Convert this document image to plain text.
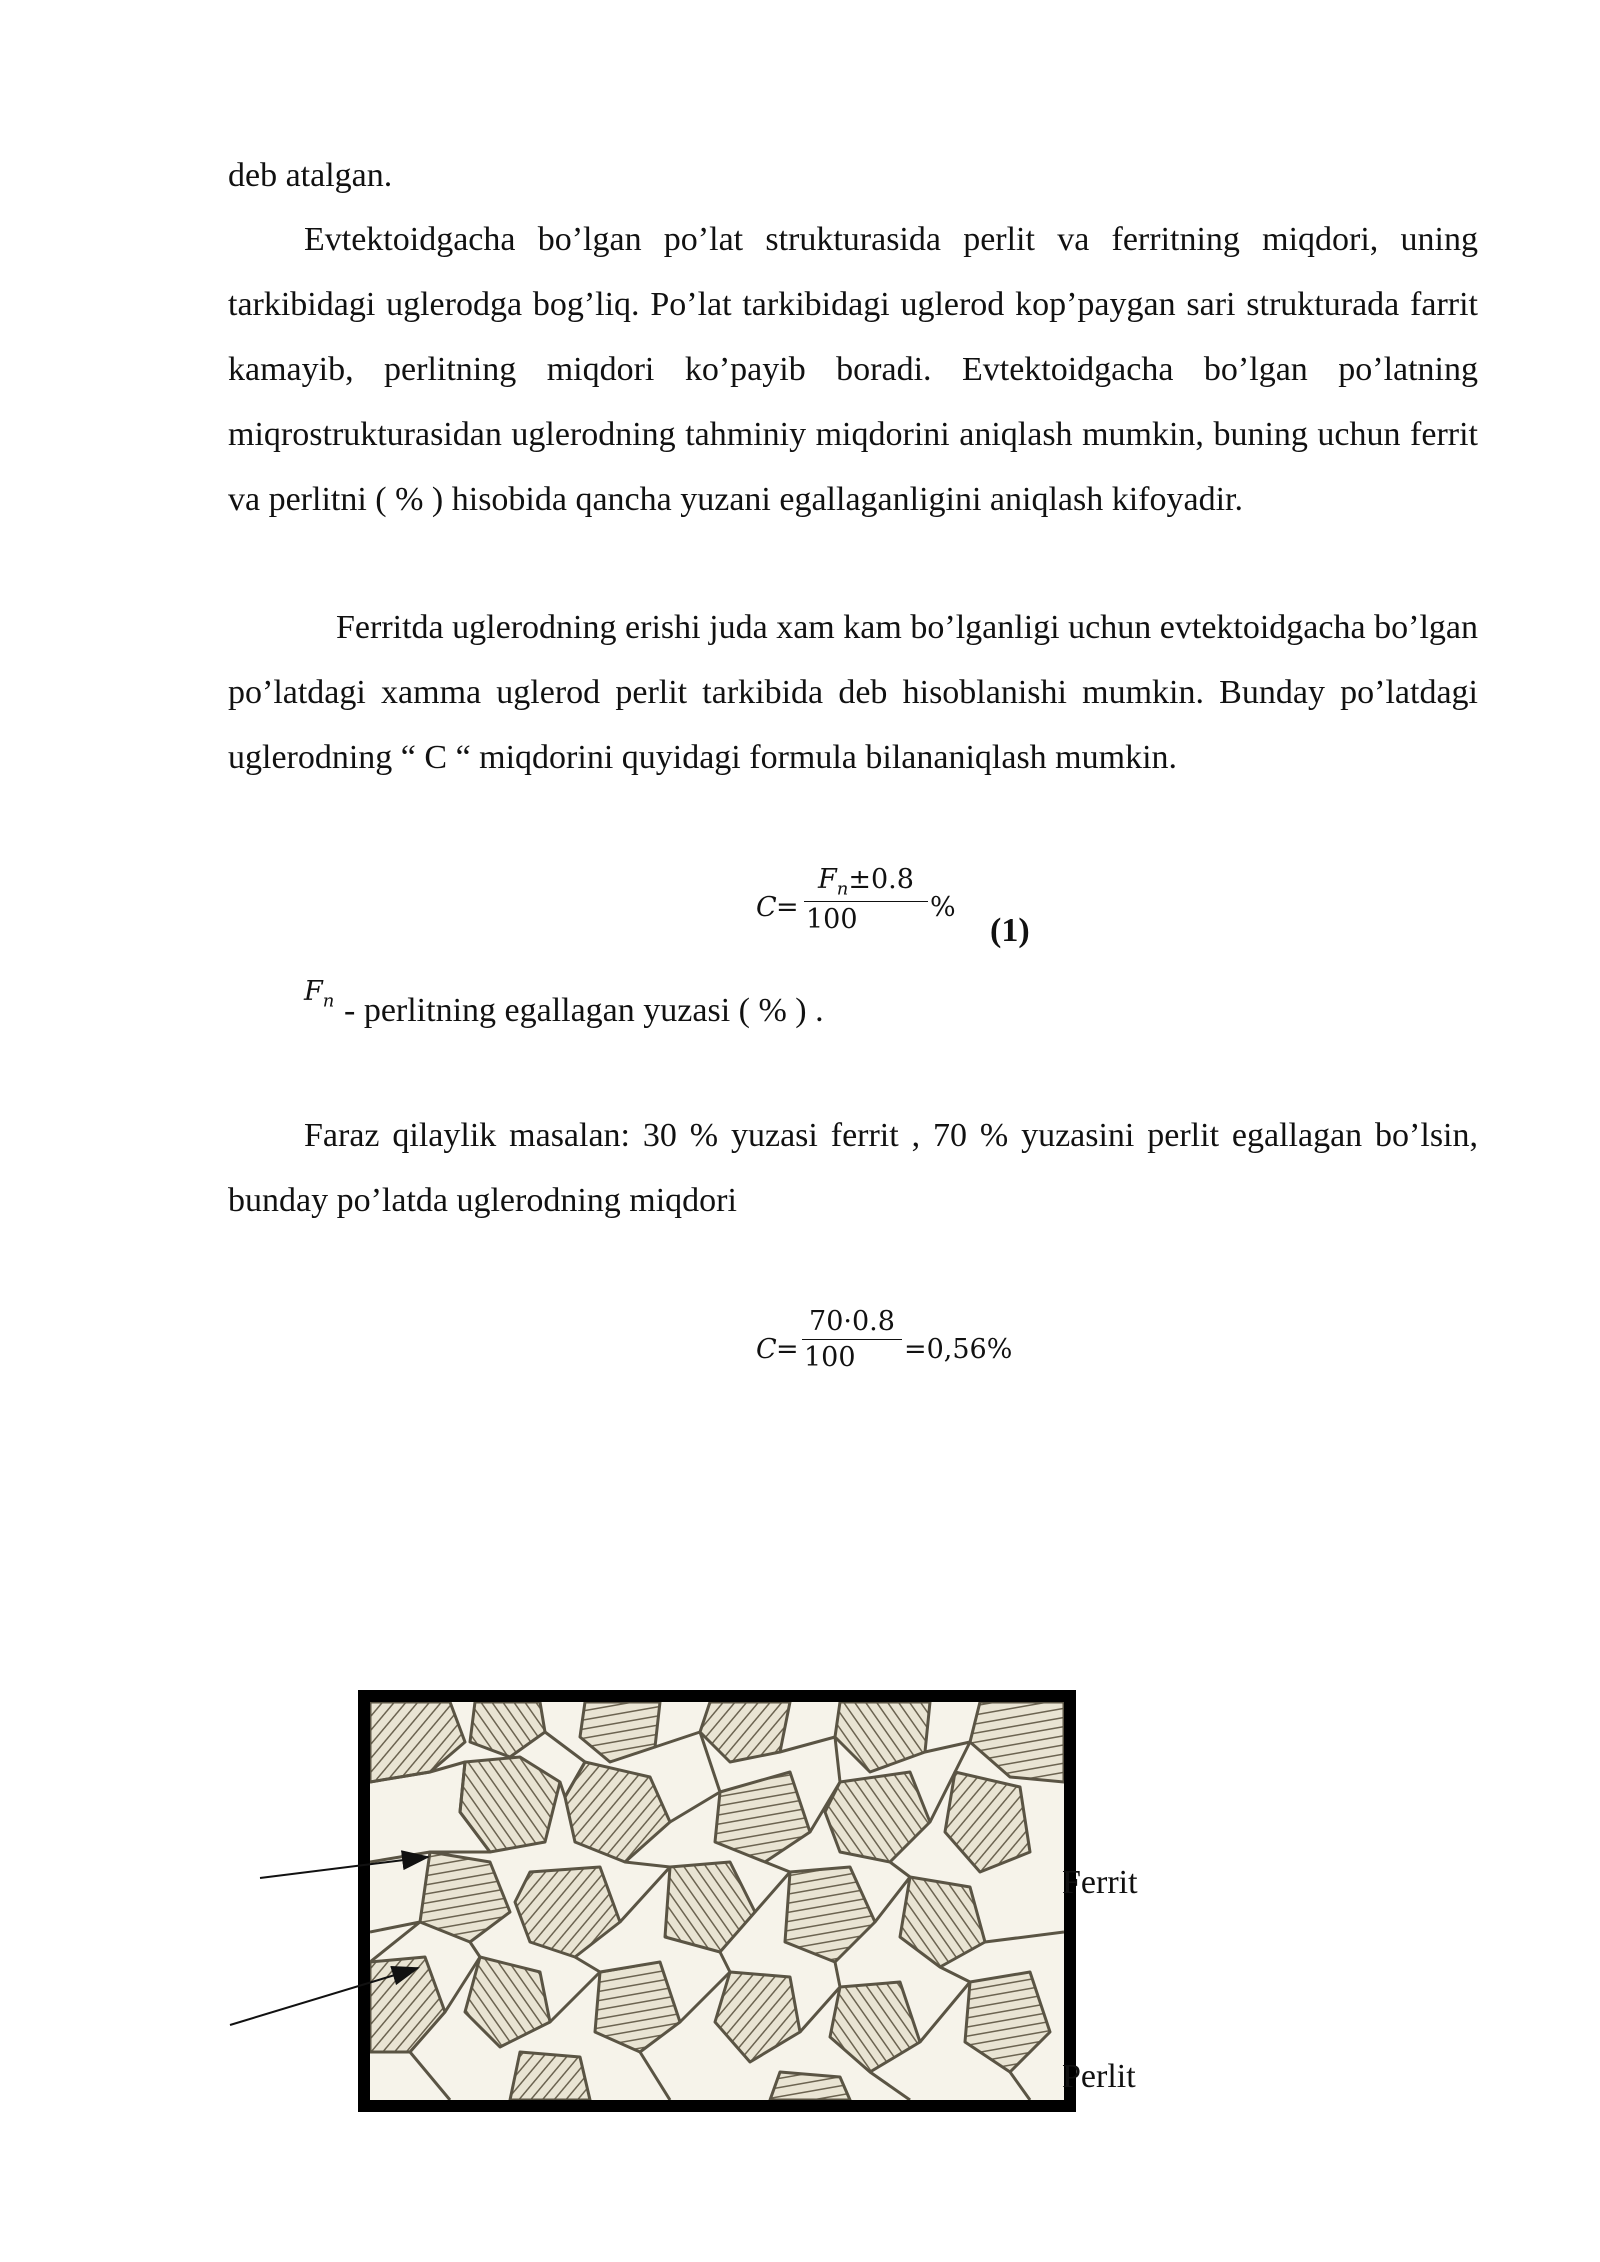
deb atalgan.

Evtektoidgacha bo’lgan po’lat strukturasida perlit va ferritning miqdori, uning tarkibidagi uglerodga bog’liq. Po’lat tarkibidagi uglerod kop’paygan sari strukturada farrit kamayib, perlitning miqdori ko’payib boradi. Evtektoidgacha bo’lgan po’latning miqrostrukturasidan uglerodning tahminiy miqdorini aniqlash mumkin, buning uchun ferrit va perlitni ( % ) hisobida qancha yuzani egallaganligini aniqlash kifoyadir.

Ferritda uglerodning erishi juda xam kam bo’lganligi uchun evtektoidgacha bo’lgan po’latdagi xamma uglerod perlit tarkibida deb hisoblanishi mumkin. Bunday po’latdagi uglerodning “ C “ miqdorini quyidagi formula bilananiqlash mumkin.

$C = \frac{F_n\pm 0.8}{100}$ %
(1)
$F_n$ - perlitning egallagan yuzasi ( % ) .

Faraz qilaylik masalan: 30 % yuzasi ferrit , 70 % yuzasini perlit egallagan bo’lsin, bunday po’latda uglerodning miqdori

$C = \frac{70\cdot 0.8}{100} =0,56\%$
Ferrit
Perlit
